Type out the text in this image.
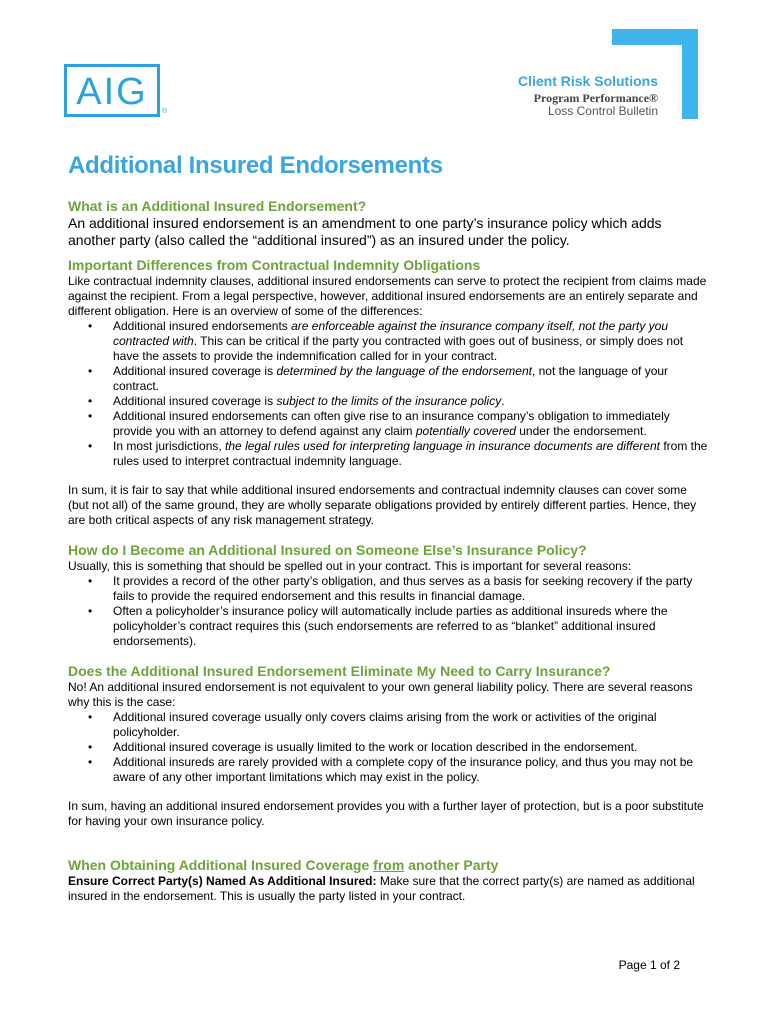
AIG	®
Client Risk Solutions
Program Performance®
Loss Control Bulletin
Additional Insured Endorsements
What is an Additional Insured Endorsement?

An additional insured endorsement is an amendment to one party’s insurance policy which adds another party (also called the “additional insured”) as an insured under the policy.

Important Differences from Contractual Indemnity Obligations

Like contractual indemnity clauses, additional insured endorsements can serve to protect the recipient from claims made against the recipient. From a legal perspective, however, additional insured endorsements are an entirely separate and different obligation. Here is an overview of some of the differences:

• Additional insured endorsements are enforceable against the insurance company itself, not the party you contracted with. This can be critical if the party you contracted with goes out of business, or simply does not have the assets to provide the indemnification called for in your contract.
• Additional insured coverage is determined by the language of the endorsement, not the language of your contract.
• Additional insured coverage is subject to the limits of the insurance policy.
• Additional insured endorsements can often give rise to an insurance company’s obligation to immediately provide you with an attorney to defend against any claim potentially covered under the endorsement.
• In most jurisdictions, the legal rules used for interpreting language in insurance documents are different from the rules used to interpret contractual indemnity language.

In sum, it is fair to say that while additional insured endorsements and contractual indemnity clauses can cover some (but not all) of the same ground, they are wholly separate obligations provided by entirely different parties. Hence, they are both critical aspects of any risk management strategy.

How do I Become an Additional Insured on Someone Else’s Insurance Policy?

Usually, this is something that should be spelled out in your contract. This is important for several reasons:

• It provides a record of the other party’s obligation, and thus serves as a basis for seeking recovery if the party fails to provide the required endorsement and this results in financial damage.
• Often a policyholder’s insurance policy will automatically include parties as additional insureds where the policyholder’s contract requires this (such endorsements are referred to as “blanket” additional insured endorsements).
Does the Additional Insured Endorsement Eliminate My Need to Carry Insurance?

No! An additional insured endorsement is not equivalent to your own general liability policy. There are several reasons why this is the case:

• Additional insured coverage usually only covers claims arising from the work or activities of the original policyholder.
• Additional insured coverage is usually limited to the work or location described in the endorsement.
• Additional insureds are rarely provided with a complete copy of the insurance policy, and thus you may not be aware of any other important limitations which may exist in the policy.

In sum, having an additional insured endorsement provides you with a further layer of protection, but is a poor substitute for having your own insurance policy.

When Obtaining Additional Insured Coverage from another Party

Ensure Correct Party(s) Named As Additional Insured: Make sure that the correct party(s) are named as additional insured in the endorsement. This is usually the party listed in your contract.

Page 1 of 2
